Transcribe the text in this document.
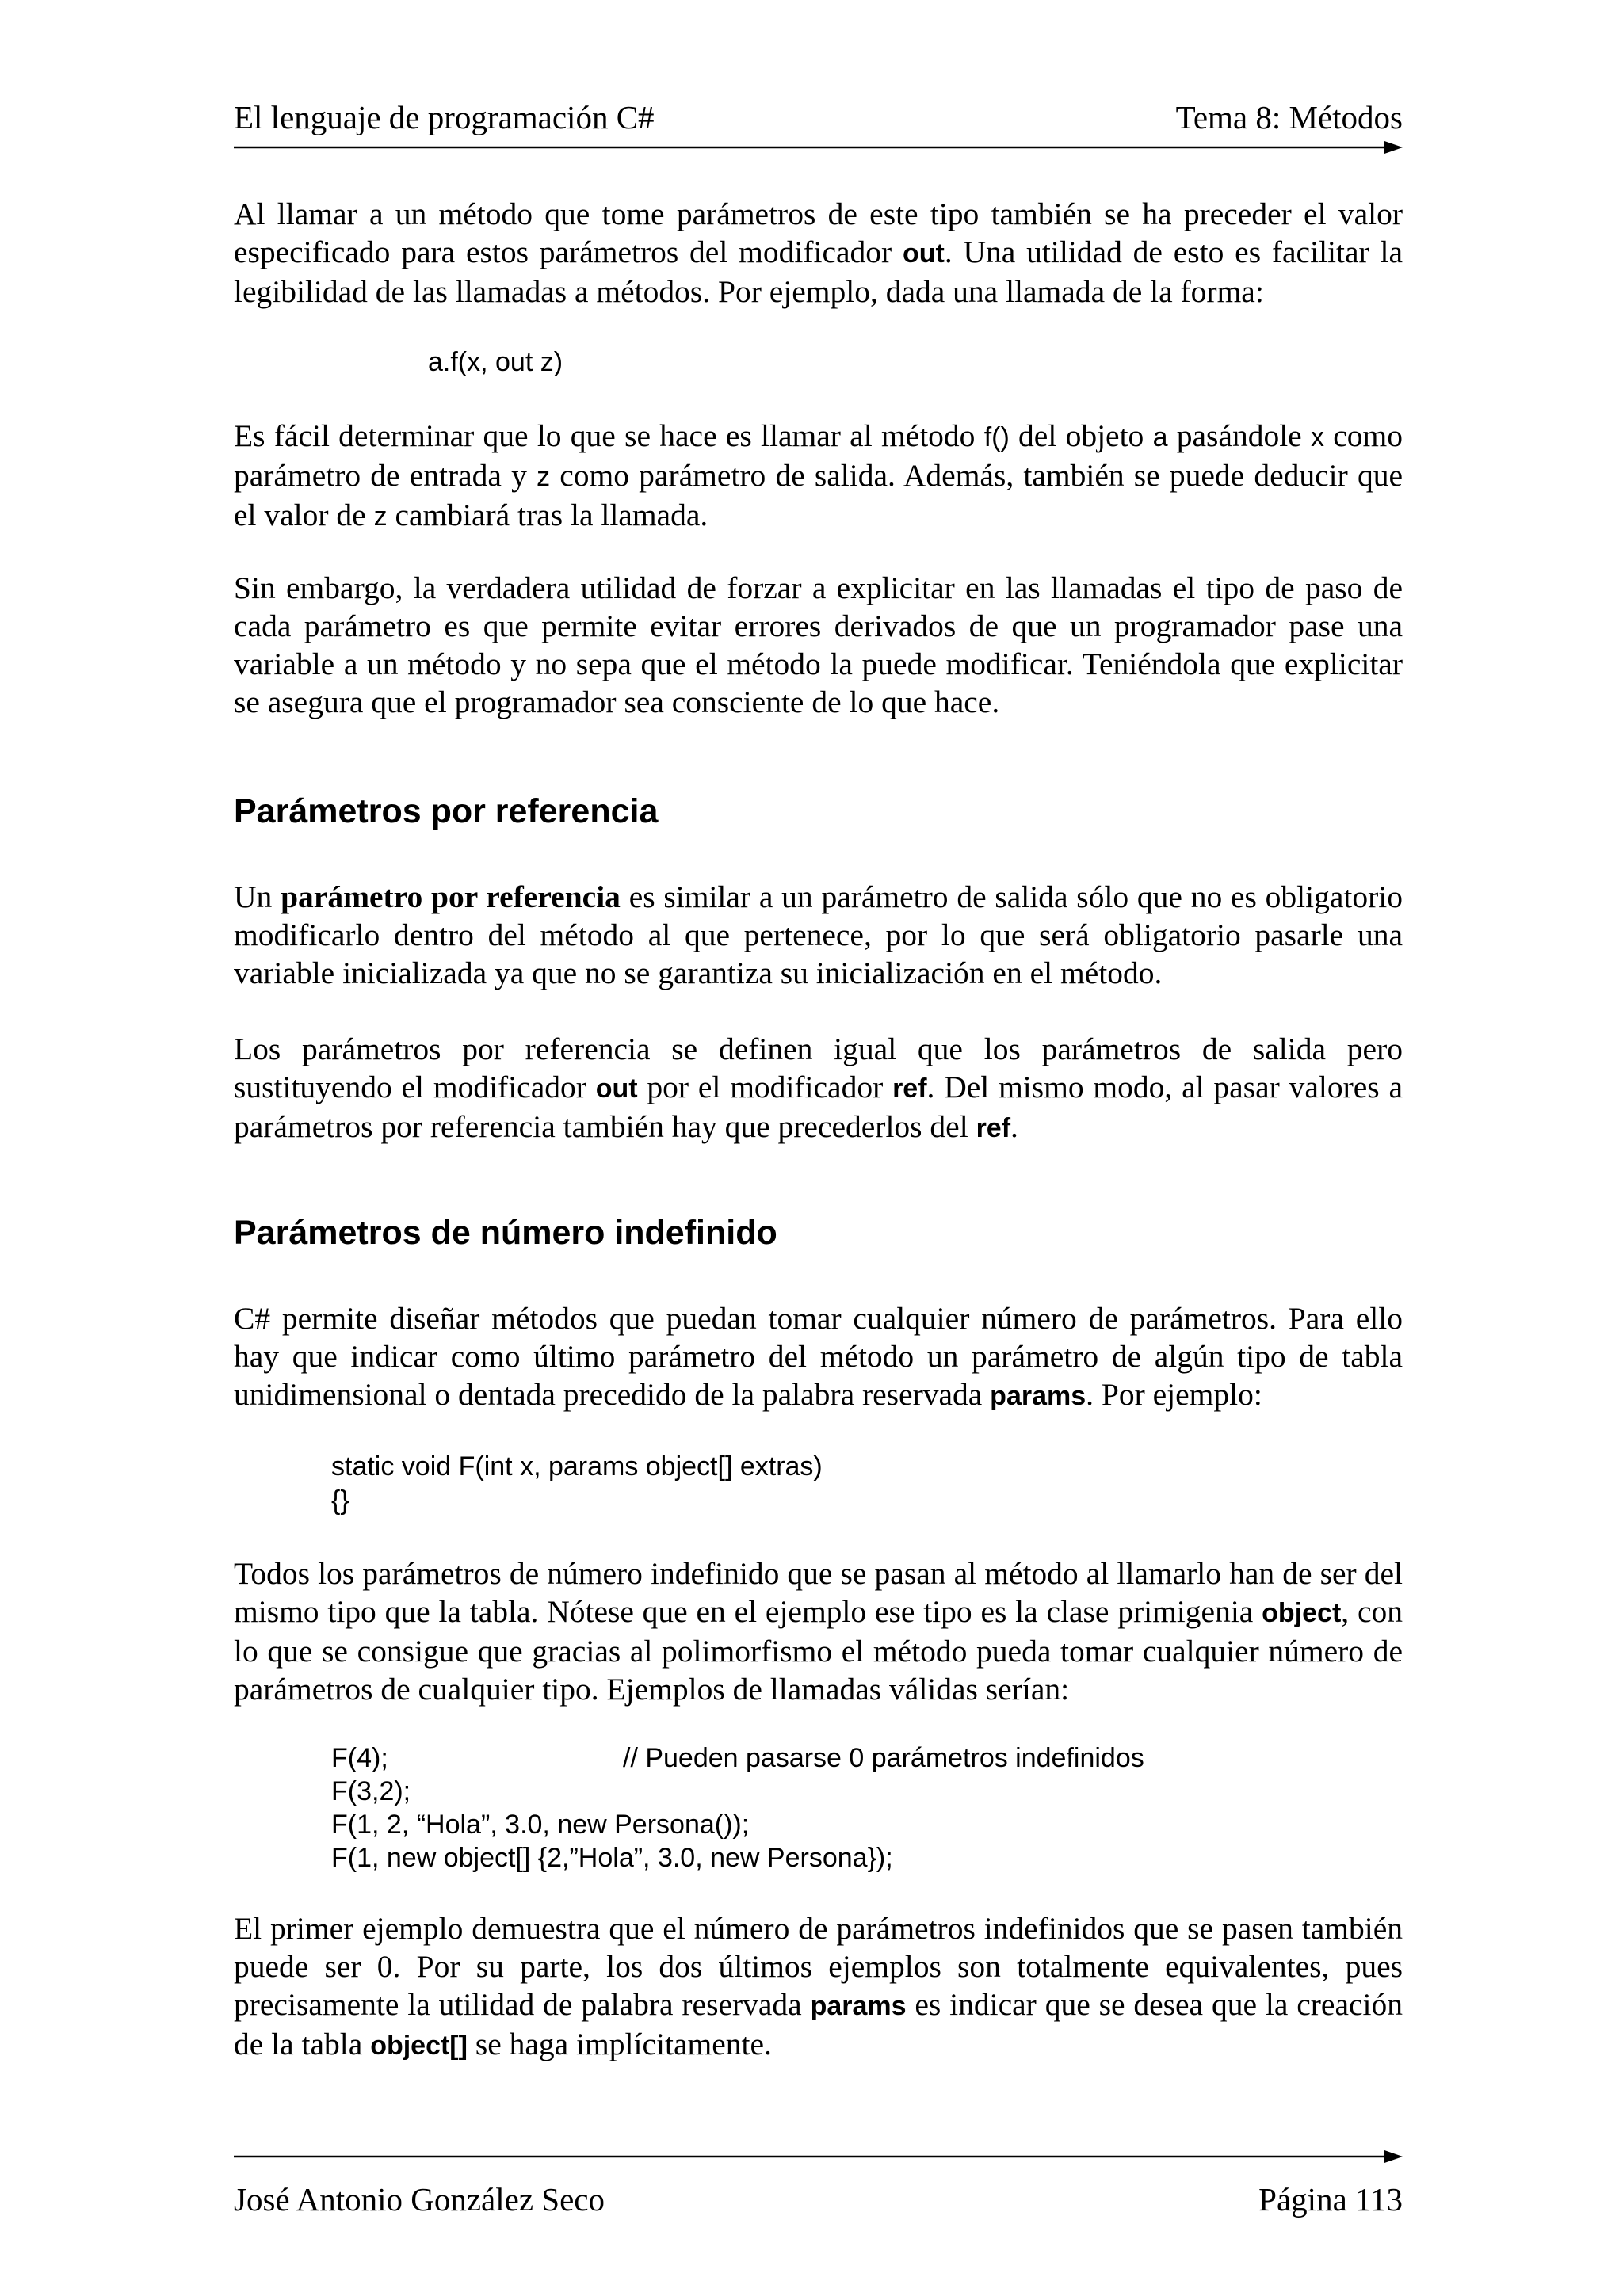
El lenguaje de programación C#	Tema 8: Métodos

Al llamar a un método que tome parámetros de este tipo también se ha preceder el valor especificado para estos parámetros del modificador out. Una utilidad de esto es facilitar la legibilidad de las llamadas a métodos. Por ejemplo, dada una llamada de la forma:

a.f(x, out z)

Es fácil determinar que lo que se hace es llamar al método f() del objeto a pasándole x como parámetro de entrada y z como parámetro de salida. Además, también se puede deducir que el valor de z cambiará tras la llamada.

Sin embargo, la verdadera utilidad de forzar a explicitar en las llamadas el tipo de paso de cada parámetro es que permite evitar errores derivados de que un programador pase una variable a un método y no sepa que el método la puede modificar. Teniéndola que explicitar se asegura que el programador sea consciente de lo que hace.

Parámetros por referencia

Un parámetro por referencia es similar a un parámetro de salida sólo que no es obligatorio modificarlo dentro del método al que pertenece, por lo que será obligatorio pasarle una variable inicializada ya que no se garantiza su inicialización en el método.

Los parámetros por referencia se definen igual que los parámetros de salida pero sustituyendo el modificador out por el modificador ref. Del mismo modo, al pasar valores a parámetros por referencia también hay que precederlos del ref.

Parámetros de número indefinido

C# permite diseñar métodos que puedan tomar cualquier número de parámetros. Para ello hay que indicar como último parámetro del método un parámetro de algún tipo de tabla unidimensional o dentada precedido de la palabra reservada params. Por ejemplo:

static void F(int x, params object[] extras)
{}

Todos los parámetros de número indefinido que se pasan al método al llamarlo han de ser del mismo tipo que la tabla. Nótese que en el ejemplo ese tipo es la clase primigenia object, con lo que se consigue que gracias al polimorfismo el método pueda tomar cualquier número de parámetros de cualquier tipo. Ejemplos de llamadas válidas serían:

F(4);	// Pueden pasarse 0 parámetros indefinidos
F(3,2);
F(1, 2, “Hola”, 3.0, new Persona());
F(1, new object[] {2,”Hola”, 3.0, new Persona});

El primer ejemplo demuestra que el número de parámetros indefinidos que se pasen también puede ser 0. Por su parte, los dos últimos ejemplos son totalmente equivalentes, pues precisamente la utilidad de palabra reservada params es indicar que se desea que la creación de la tabla object[] se haga implícitamente.

José Antonio González Seco	Página 113
